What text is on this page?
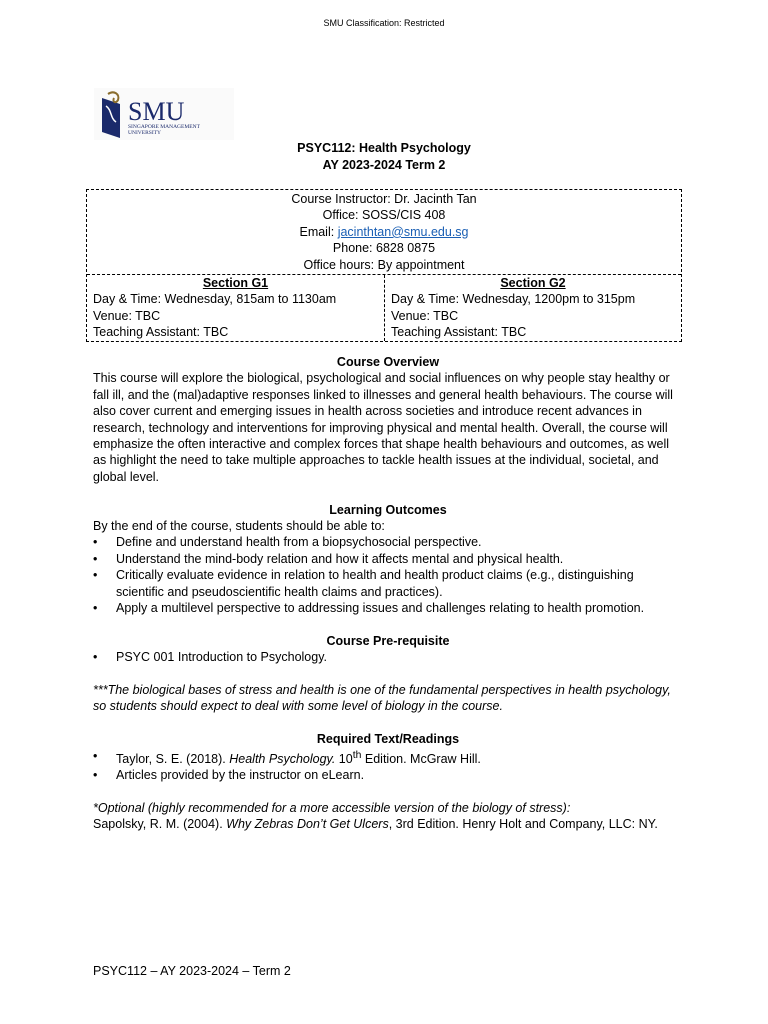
SMU Classification: Restricted
SMU
SINGAPORE MANAGEMENT
UNIVERSITY
PSYC112: Health Psychology
AY 2023-2024 Term 2
Course Instructor: Dr. Jacinth Tan
Office: SOSS/CIS 408
Email: jacinthtan@smu.edu.sg
Phone: 6828 0875
Office hours: By appointment
Section G1
Day & Time: Wednesday, 815am to 1130am
Venue: TBC
Teaching Assistant: TBC
Section G2
Day & Time: Wednesday, 1200pm to 315pm
Venue: TBC
Teaching Assistant: TBC

Course Overview

This course will explore the biological, psychological and social influences on why people stay healthy or fall ill, and the (mal)adaptive responses linked to illnesses and general health behaviours. The course will also cover current and emerging issues in health across societies and introduce recent advances in research, technology and interventions for improving physical and mental health. Overall, the course will emphasize the often interactive and complex forces that shape health behaviours and outcomes, as well as highlight the need to take multiple approaches to tackle health issues at the individual, societal, and global level.

Learning Outcomes

By the end of the course, students should be able to:

• Define and understand health from a biopsychosocial perspective.
• Understand the mind-body relation and how it affects mental and physical health.
• Critically evaluate evidence in relation to health and health product claims (e.g., distinguishing scientific and pseudoscientific health claims and practices).
• Apply a multilevel perspective to addressing issues and challenges relating to health promotion.

Course Pre-requisite

• PSYC 001 Introduction to Psychology.

***The biological bases of stress and health is one of the fundamental perspectives in health psychology, so students should expect to deal with some level of biology in the course.

Required Text/Readings

• Taylor, S. E. (2018). Health Psychology. 10th Edition. McGraw Hill.
• Articles provided by the instructor on eLearn.

*Optional (highly recommended for a more accessible version of the biology of stress):

Sapolsky, R. M. (2004). Why Zebras Don’t Get Ulcers, 3rd Edition. Henry Holt and Company, LLC: NY.

PSYC112 – AY 2023-2024 – Term 2
